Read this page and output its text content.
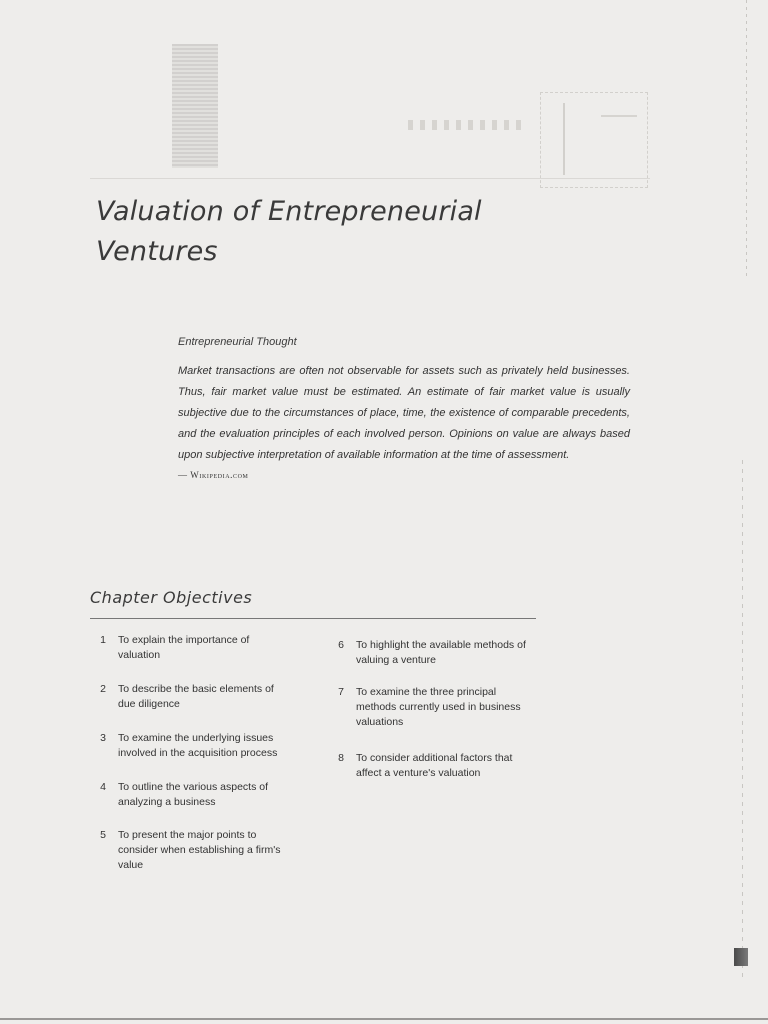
Valuation of Entrepreneurial
Ventures

Entrepreneurial Thought

Market transactions are often not observable for assets such as privately held businesses. Thus, fair market value must be estimated. An estimate of fair market value is usually subjective due to the circumstances of place, time, the existence of comparable precedents, and the evaluation principles of each involved person. Opinions on value are always based upon subjective interpretation of available information at the time of assessment.

— Wikipedia.com
Chapter Objectives
1 To explain the importance of valuation
2 To describe the basic elements of due diligence
3 To examine the underlying issues involved in the acquisition process
4 To outline the various aspects of analyzing a business
5 To present the major points to consider when establishing a firm's value
6 To highlight the available methods of valuing a venture
7 To examine the three principal methods currently used in business valuations
8 To consider additional factors that affect a venture's valuation
